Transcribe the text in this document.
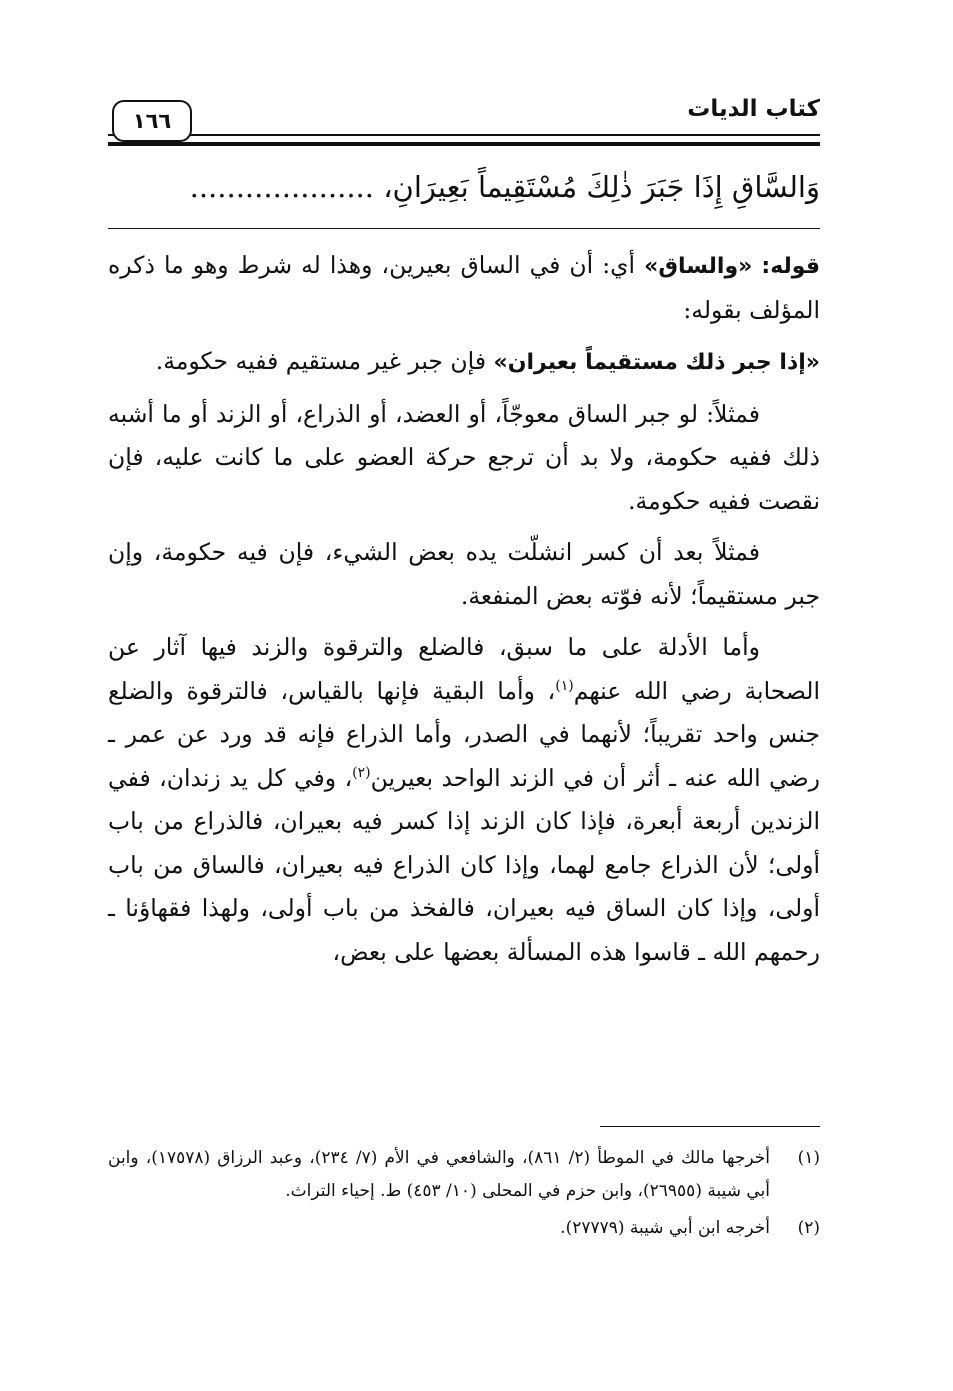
١٦٦	كتاب الديات
وَالسَّاقِ إِذَا جَبَرَ ذٰلِكَ مُسْتَقِيماً بَعِيرَانِ، ....................

قوله: «والساق» أي: أن في الساق بعيرين، وهذا له شرط وهو ما ذكره المؤلف بقوله:

«إذا جبر ذلك مستقيماً بعيران» فإن جبر غير مستقيم ففيه حكومة.

فمثلاً: لو جبر الساق معوجّاً، أو العضد، أو الذراع، أو الزند أو ما أشبه ذلك ففيه حكومة، ولا بد أن ترجع حركة العضو على ما كانت عليه، فإن نقصت ففيه حكومة.

فمثلاً بعد أن كسر انشلّت يده بعض الشيء، فإن فيه حكومة، وإن جبر مستقيماً؛ لأنه فوّته بعض المنفعة.

وأما الأدلة على ما سبق، فالضلع والترقوة والزند فيها آثار عن الصحابة رضي الله عنهم$^{(١)}$، وأما البقية فإنها بالقياس، فالترقوة والضلع جنس واحد تقريباً؛ لأنهما في الصدر، وأما الذراع فإنه قد ورد عن عمر ـ رضي الله عنه ـ أثر أن في الزند الواحد بعيرين$^{(٢)}$، وفي كل يد زندان، ففي الزندين أربعة أبعرة، فإذا كان الزند إذا كسر فيه بعيران، فالذراع من باب أولى؛ لأن الذراع جامع لهما، وإذا كان الذراع فيه بعيران، فالساق من باب أولى، وإذا كان الساق فيه بعيران، فالفخذ من باب أولى، ولهذا فقهاؤنا ـ رحمهم الله ـ قاسوا هذه المسألة بعضها على بعض،

(١)
أخرجها مالك في الموطأ (٢/ ٨٦١)، والشافعي في الأم (٧/ ٢٣٤)، وعبد الرزاق (١٧٥٧٨)، وابن أبي شيبة (٢٦٩٥٥)، وابن حزم في المحلى (١٠/ ٤٥٣) ط. إحياء التراث.
(٢)
أخرجه ابن أبي شيبة (٢٧٧٧٩).
